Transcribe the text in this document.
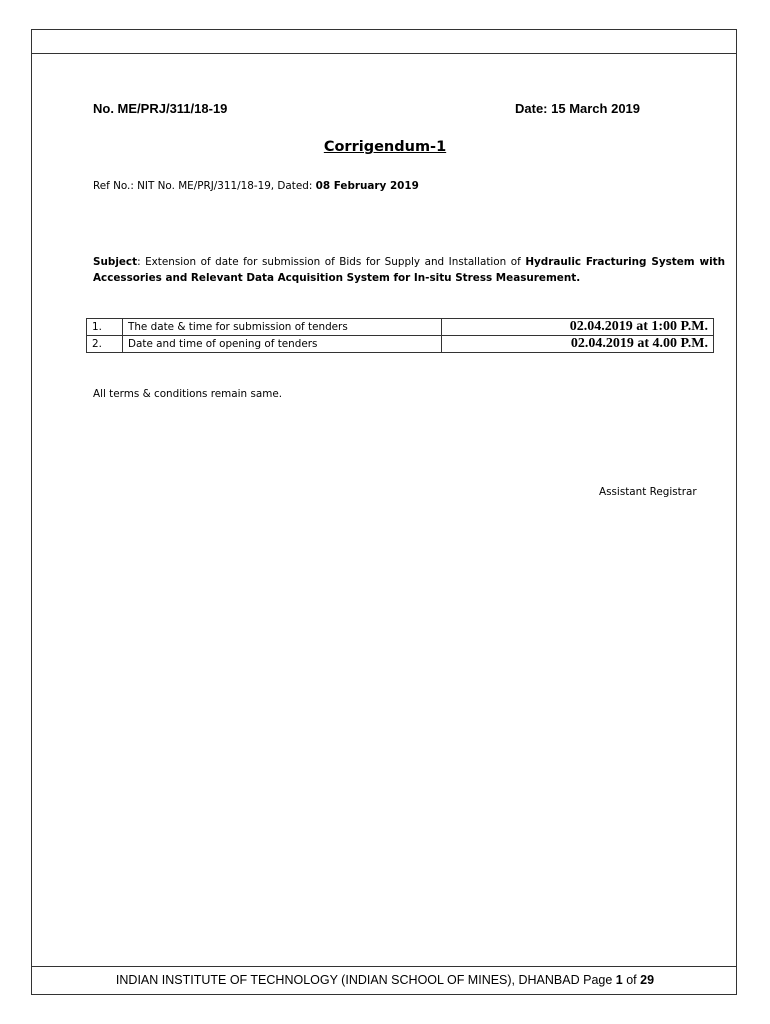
No. ME/PRJ/311/18-19	Date: 15 March 2019
Corrigendum-1
Ref No.: NIT No. ME/PRJ/311/18-19, Dated: 08 February 2019
Subject: Extension of date for submission of Bids for Supply and Installation of Hydraulic Fracturing System with Accessories and Relevant Data Acquisition System for In-situ Stress Measurement.
1.	The date & time for submission of tenders	02.04.2019 at 1:00 P.M.
2.	Date and time of opening of tenders	02.04.2019 at 4.00 P.M.
All terms & conditions remain same.
Assistant Registrar
INDIAN INSTITUTE OF TECHNOLOGY (INDIAN SCHOOL OF MINES), DHANBAD Page 1 of 29
